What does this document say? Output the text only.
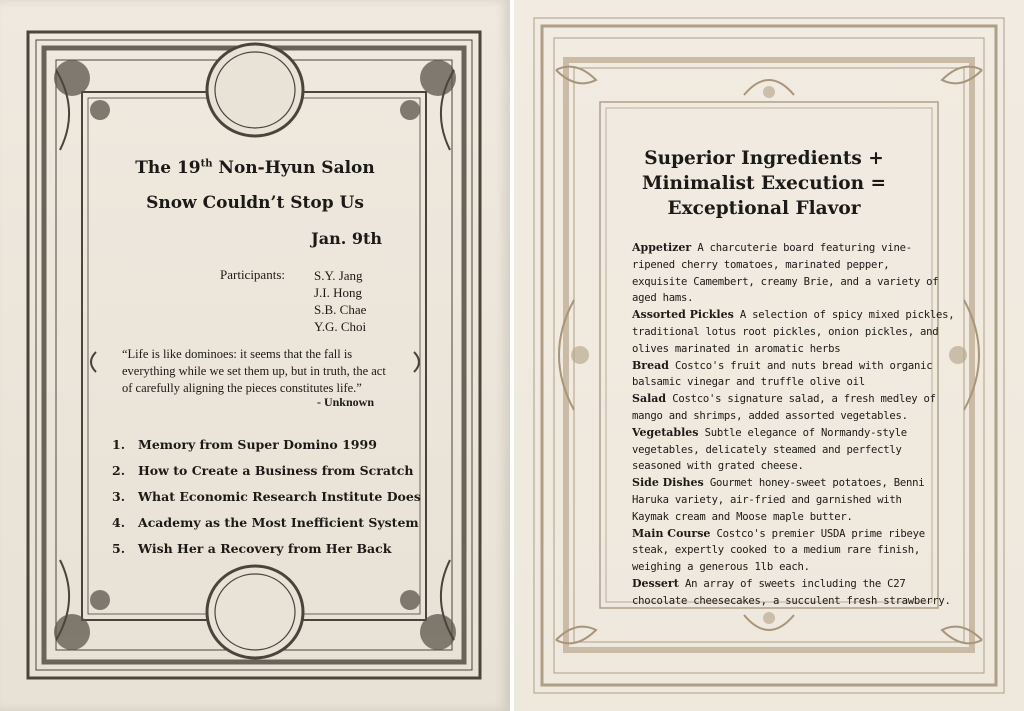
The 19th Non-Hyun Salon
Snow Couldn’t Stop Us
Jan. 9th
Participants: S.Y. Jang
J.I. Hong
S.B. Chae
Y.G. Choi
“Life is like dominoes: it seems that the fall is
everything while we set them up, but in truth, the act
of carefully aligning the pieces constitutes life.”
- Unknown
1.	Memory from Super Domino 1999
2.	How to Create a Business from Scratch
3.	What Economic Research Institute Does
4.	Academy as the Most Inefficient System
5.	Wish Her a Recovery from Her Back
Superior Ingredients +
Minimalist Execution =
Exceptional Flavor
Appetizer A charcuterie board featuring vine-
ripened cherry tomatoes, marinated pepper,
exquisite Camembert, creamy Brie, and a variety of
aged hams.
Assorted Pickles A selection of spicy mixed pickles,
traditional lotus root pickles, onion pickles, and
olives marinated in aromatic herbs
Bread Costco's fruit and nuts bread with organic
balsamic vinegar and truffle olive oil
Salad Costco's signature salad, a fresh medley of
mango and shrimps, added assorted vegetables.
Vegetables Subtle elegance of Normandy-style
vegetables, delicately steamed and perfectly
seasoned with grated cheese.
Side Dishes Gourmet honey-sweet potatoes, Benni
Haruka variety, air-fried and garnished with
Kaymak cream and Moose maple butter.
Main Course Costco's premier USDA prime ribeye
steak, expertly cooked to a medium rare finish,
weighing a generous 1lb each.
Dessert An array of sweets including the C27
chocolate cheesecakes, a succulent fresh strawberry.
